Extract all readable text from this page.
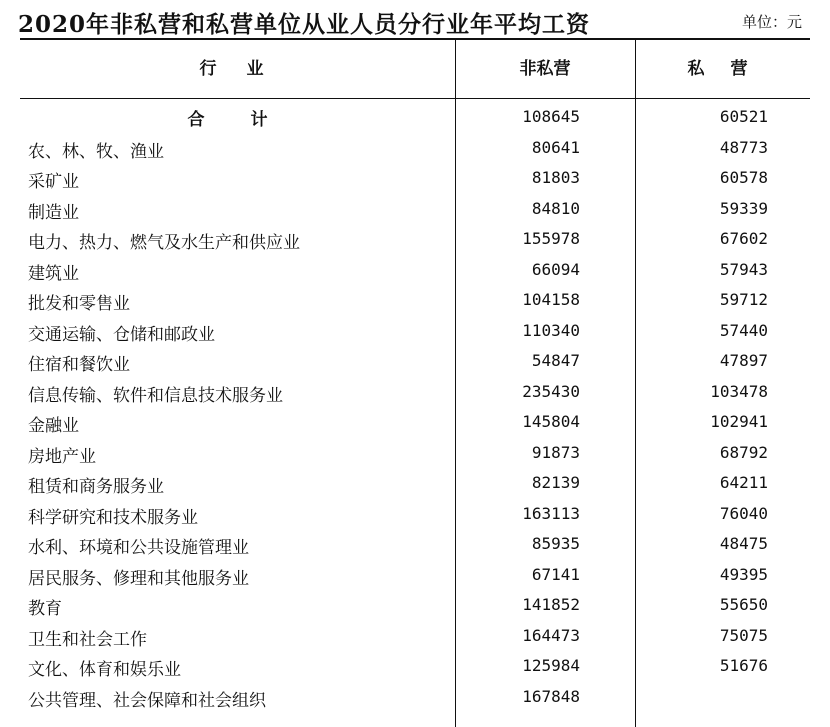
2020年非私营和私营单位从业人员分行业年平均工资	单位：元
行 业	非私营	私 营
合 计	108645	60521
农、林、牧、渔业	80641	48773
采矿业	81803	60578
制造业	84810	59339
电力、热力、燃气及水生产和供应业	155978	67602
建筑业	66094	57943
批发和零售业	104158	59712
交通运输、仓储和邮政业	110340	57440
住宿和餐饮业	54847	47897
信息传输、软件和信息技术服务业	235430	103478
金融业	145804	102941
房地产业	91873	68792
租赁和商务服务业	82139	64211
科学研究和技术服务业	163113	76040
水利、环境和公共设施管理业	85935	48475
居民服务、修理和其他服务业	67141	49395
教育	141852	55650
卫生和社会工作	164473	75075
文化、体育和娱乐业	125984	51676
公共管理、社会保障和社会组织	167848
